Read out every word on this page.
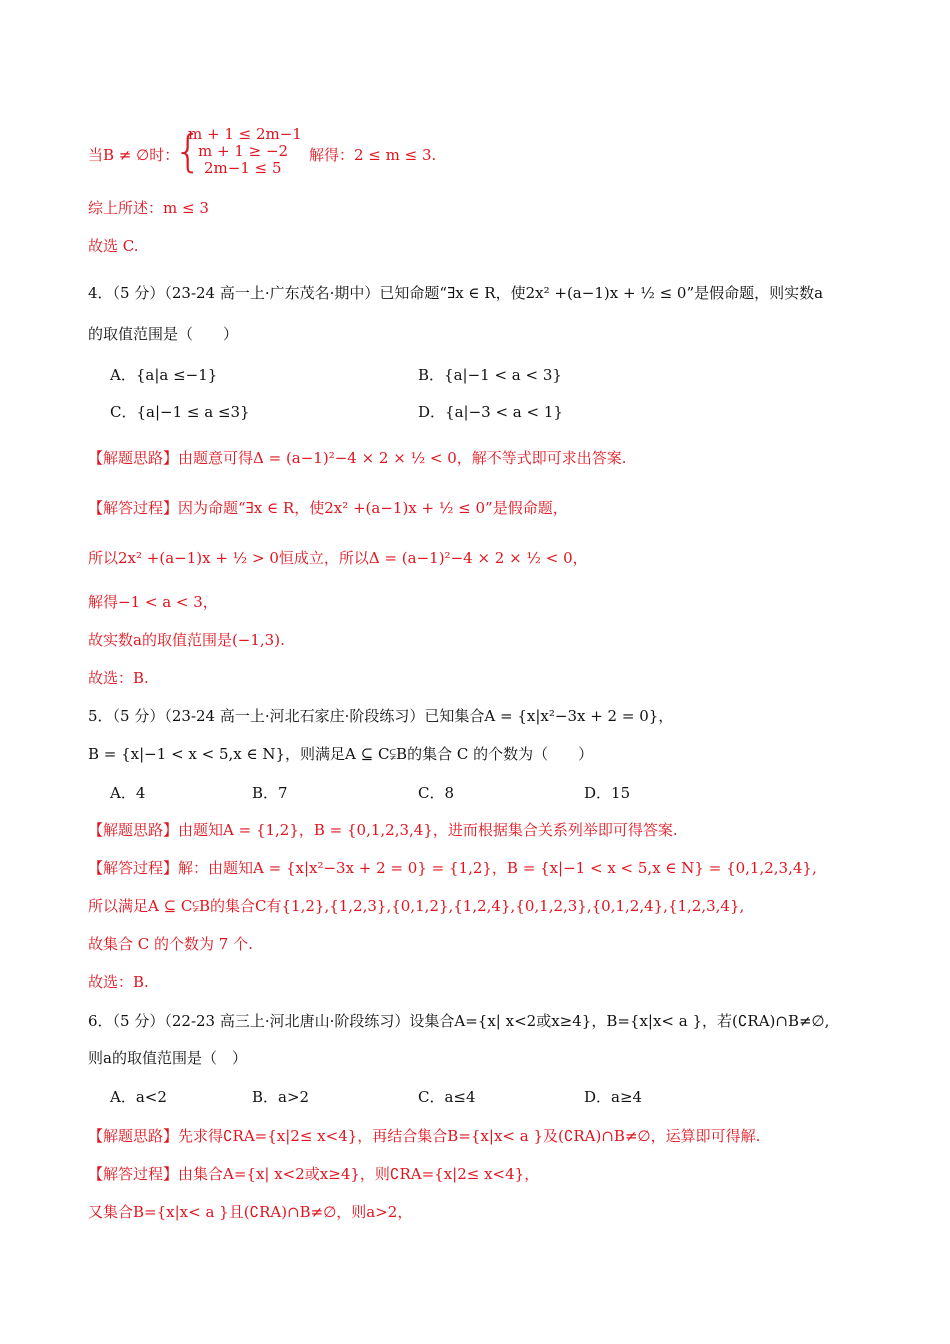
当B ≠ ∅时：
{
m + 1 ≤ 2m−1
m + 1 ≥ −2
2m−1 ≤ 5
解得：2 ≤ m ≤ 3.
综上所述：m ≤ 3
故选 C.
4．（5 分）（23-24 高一上·广东茂名·期中）已知命题“∃x ∈ R，使2x² +(a−1)x + ½ ≤ 0”是假命题，则实数a
的取值范围是（　　）
A．{a|a ≤−1}	B．{a|−1 < a < 3}
C．{a|−1 ≤ a ≤3}	D．{a|−3 < a < 1}
【解题思路】由题意可得Δ = (a−1)²−4 × 2 × ½ < 0，解不等式即可求出答案.
【解答过程】因为命题“∃x ∈ R，使2x² +(a−1)x + ½ ≤ 0”是假命题，
所以2x² +(a−1)x + ½ > 0恒成立，所以Δ = (a−1)²−4 × 2 × ½ < 0，
解得−1 < a < 3，
故实数a的取值范围是(−1,3).
故选：B.
5．（5 分）（23-24 高一上·河北石家庄·阶段练习）已知集合A = {x|x²−3x + 2 = 0}，
B = {x|−1 < x < 5,x ∈ N}，则满足A ⊆ C⫋B的集合 C 的个数为（　　）
A．4	B．7	C．8	D．15
【解题思路】由题知A = {1,2}，B = {0,1,2,3,4}，进而根据集合关系列举即可得答案.
【解答过程】解：由题知A = {x|x²−3x + 2 = 0} = {1,2}，B = {x|−1 < x < 5,x ∈ N} = {0,1,2,3,4},
所以满足A ⊆ C⫋B的集合C有{1,2},{1,2,3},{0,1,2},{1,2,4},{0,1,2,3},{0,1,2,4},{1,2,3,4},
故集合 C 的个数为 7 个.
故选：B.
6．（5 分）（22-23 高三上·河北唐山·阶段练习）设集合A={x| x<2或x≥4}，B={x|x< a }，若(∁RA)∩B≠∅,
则a的取值范围是（　）
A．a<2	B．a>2	C．a≤4	D．a≥4
【解题思路】先求得∁RA={x|2≤ x<4}，再结合集合B={x|x< a }及(∁RA)∩B≠∅，运算即可得解.
【解答过程】由集合A={x| x<2或x≥4}，则∁RA={x|2≤ x<4}，
又集合B={x|x< a }且(∁RA)∩B≠∅，则a>2，
